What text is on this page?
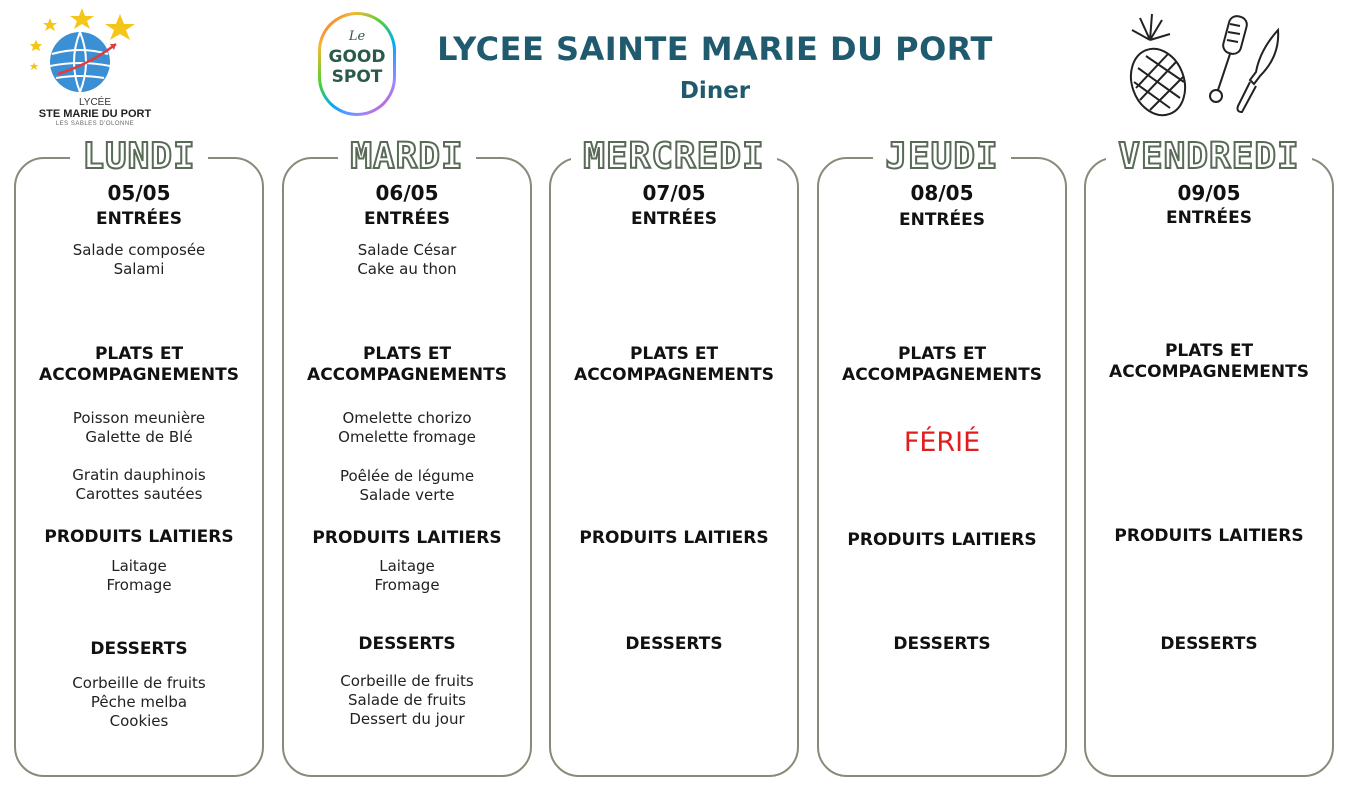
LYCÉE
STE MARIE DU PORT
LES SABLES D'OLONNE
Le
GOOD
SPOT
LYCEE SAINTE MARIE DU PORT
Diner
LUNDI
05/05
ENTRÉES
Salade composée
Salami
PLATS ET
ACCOMPAGNEMENTS
Poisson meunière
Galette de Blé
Gratin dauphinois
Carottes sautées
PRODUITS LAITIERS
Laitage
Fromage
DESSERTS
Corbeille de fruits
Pêche melba
Cookies
MARDI
06/05
ENTRÉES
Salade César
Cake au thon
PLATS ET
ACCOMPAGNEMENTS
Omelette chorizo
Omelette fromage
Poêlée de légume
Salade verte
PRODUITS LAITIERS
Laitage
Fromage
DESSERTS
Corbeille de fruits
Salade de fruits
Dessert du jour
MERCREDI
07/05
ENTRÉES
PLATS ET
ACCOMPAGNEMENTS
PRODUITS LAITIERS
DESSERTS
JEUDI
08/05
ENTRÉES
PLATS ET
ACCOMPAGNEMENTS
FÉRIÉ
PRODUITS LAITIERS
DESSERTS
VENDREDI
09/05
ENTRÉES
PLATS ET
ACCOMPAGNEMENTS
PRODUITS LAITIERS
DESSERTS
